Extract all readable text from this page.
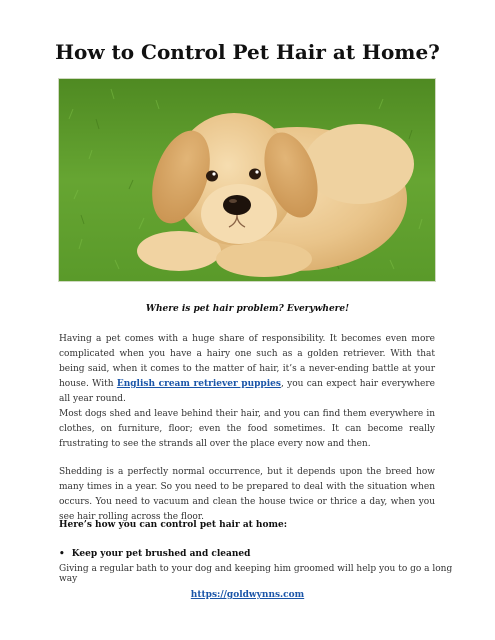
How to Control Pet Hair at Home?
Where is pet hair problem? Everywhere!

Having a pet comes with a huge share of responsibility. It becomes even more complicated when you have a hairy one such as a golden retriever. With that being said, when it comes to the matter of hair, it’s a never-ending battle at your house. With English cream retriever puppies, you can expect hair everywhere all year round.

Most dogs shed and leave behind their hair, and you can find them everywhere in clothes, on furniture, floor; even the food sometimes. It can become really frustrating to see the strands all over the place every now and then.

Shedding is a perfectly normal occurrence, but it depends upon the breed how many times in a year. So you need to be prepared to deal with the situation when occurs. You need to vacuum and clean the house twice or thrice a day, when you see hair rolling across the floor.

Here’s how you can control pet hair at home:
• Keep your pet brushed and cleaned
Giving a regular bath to your dog and keeping him groomed will help you to go a long way
https://goldwynns.com
